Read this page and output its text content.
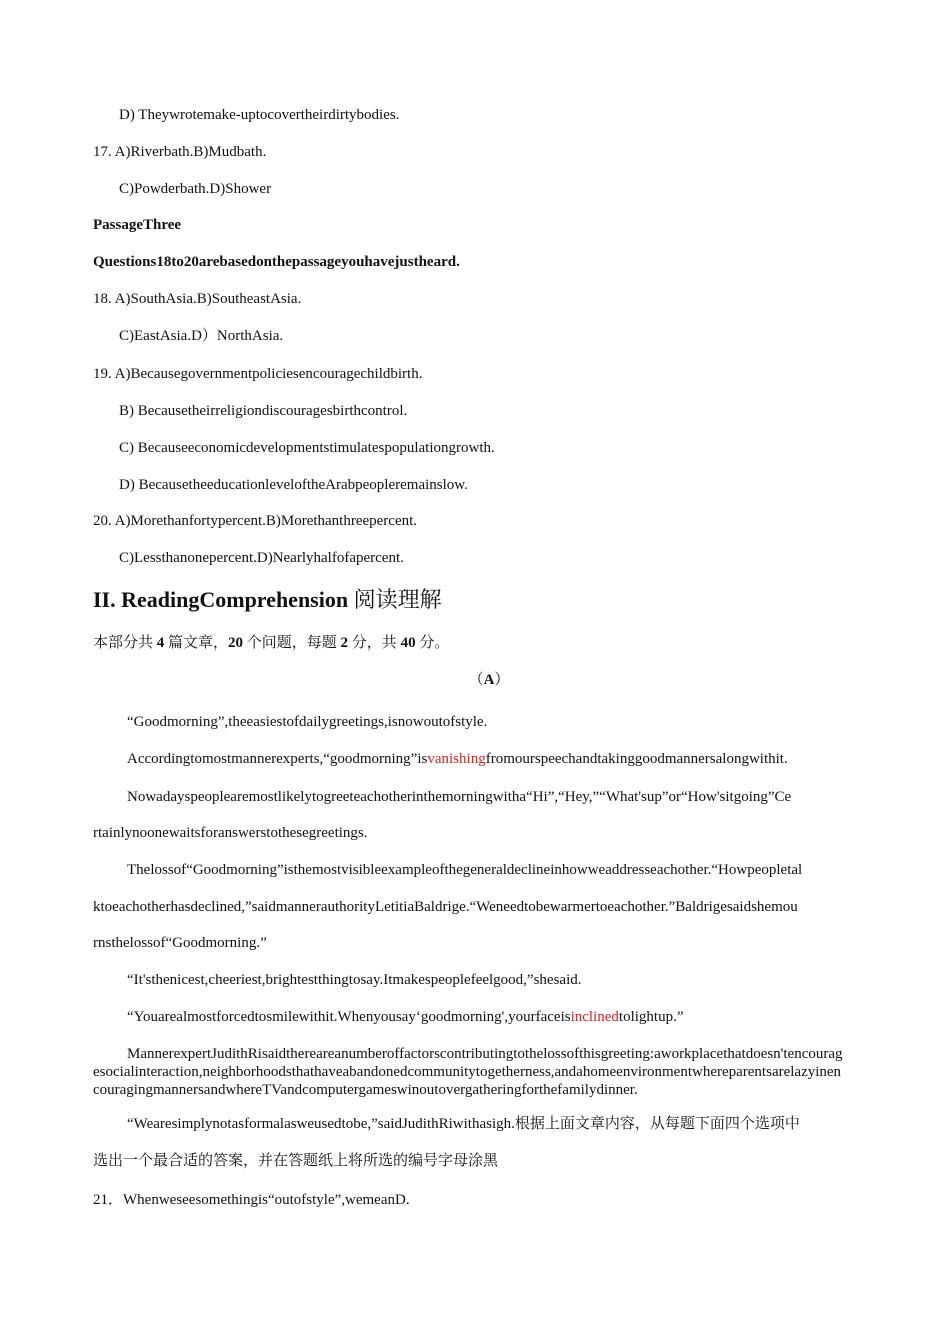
D) Theywrotemake-uptocovertheirdirtybodies.
17. A)Riverbath.B)Mudbath.
C)Powderbath.D)Shower
PassageThree
Questions18to20arebasedonthepassageyouhavejustheard.
18. A)SouthAsia.B)SoutheastAsia.
C)EastAsia.D）NorthAsia.
19. A)Becausegovernmentpoliciesencouragechildbirth.
B) Becausetheirreligiondiscouragesbirthcontrol.
C) Becauseeconomicdevelopmentstimulatespopulationgrowth.
D) BecausetheeducationleveloftheArabpeopleremainslow.
20. A)Morethanfortypercent.B)Morethanthreepercent.
C)Lessthanonepercent.D)Nearlyhalfofapercent.
II. ReadingComprehension 阅读理解
本部分共 4 篇文章，20 个问题，每题 2 分，共 40 分。
（A）
“Goodmorning”,theeasiestofdailygreetings,isnowoutofstyle.
Accordingtomostmannerexperts,“goodmorning”isvanishingfromourspeechandtakinggoodmannersalongwithit.
Nowadayspeoplearemostlikelytogreeteachotherinthemorningwitha“Hi”,“Hey,”“What'sup”or“How'sitgoing”Ce
rtainlynoonewaitsforanswerstothesegreetings.
Thelossof“Goodmorning”isthemostvisibleexampleofthegeneraldeclineinhowweaddresseachother.“Howpeopletal
ktoeachotherhasdeclined,”saidmannerauthorityLetitiaBaldrige.“Weneedtobewarmertoeachother.”Baldrigesaidshemou
rnsthelossof“Goodmorning.”
“It'sthenicest,cheeriest,brightestthingtosay.Itmakespeoplefeelgood,”shesaid.
“Youarealmostforcedtosmilewithit.Whenyousay‘goodmorning',yourfaceisinclinedtolightup.”
MannerexpertJudithRisaidthereareanumberoffactorscontributingtothelossofthisgreeting:aworkplacethatdoesn'tencouragesocialinteraction,neighborhoodsthathaveabandonedcommunitytogetherness,andahomeenvironmentwhereparentsarelazyinencouragingmannersandwhereTVandcomputergameswinoutovergatheringforthefamilydinner.
“Wearesimplynotasformalasweusedtobe,”saidJudithRiwithasigh.根据上面文章内容，从每题下面四个选项中
选出一个最合适的答案，并在答题纸上将所选的编号字母涂黑
21．Whenweseesomethingis“outofstyle”,wemeanD.
